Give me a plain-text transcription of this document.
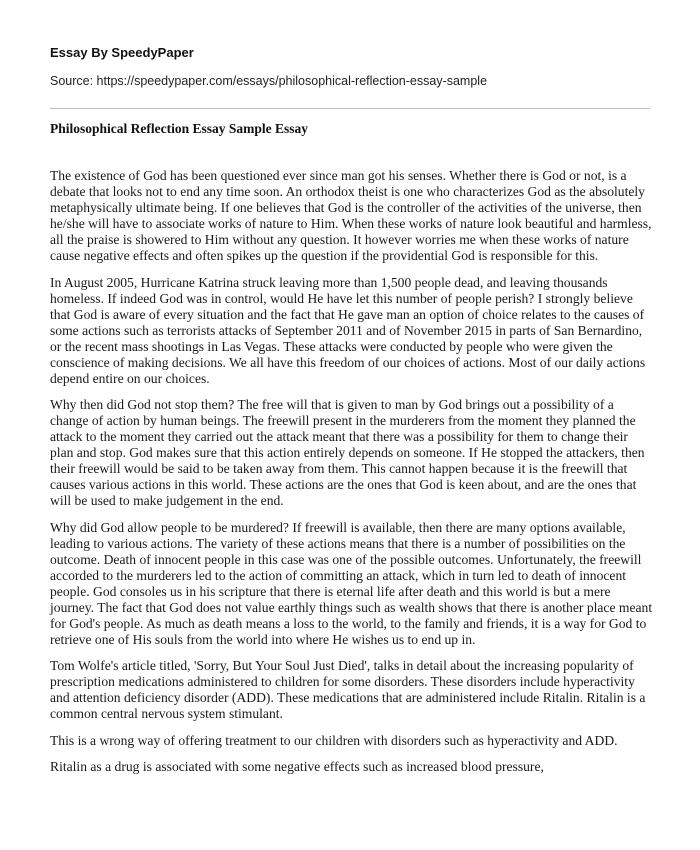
Essay By SpeedyPaper
Source: https://speedypaper.com/essays/philosophical-reflection-essay-sample
Philosophical Reflection Essay Sample Essay

The existence of God has been questioned ever since man got his senses. Whether there is God or not, is a debate that looks not to end any time soon. An orthodox theist is one who characterizes God as the absolutely metaphysically ultimate being. If one believes that God is the controller of the activities of the universe, then he/she will have to associate works of nature to Him. When these works of nature look beautiful and harmless, all the praise is showered to Him without any question. It however worries me when these works of nature cause negative effects and often spikes up the question if the providential God is responsible for this.

In August 2005, Hurricane Katrina struck leaving more than 1,500 people dead, and leaving thousands homeless. If indeed God was in control, would He have let this number of people perish? I strongly believe that God is aware of every situation and the fact that He gave man an option of choice relates to the causes of some actions such as terrorists attacks of September 2011 and of November 2015 in parts of San Bernardino, or the recent mass shootings in Las Vegas. These attacks were conducted by people who were given the conscience of making decisions. We all have this freedom of our choices of actions. Most of our daily actions depend entire on our choices.

Why then did God not stop them? The free will that is given to man by God brings out a possibility of a change of action by human beings. The freewill present in the murderers from the moment they planned the attack to the moment they carried out the attack meant that there was a possibility for them to change their plan and stop. God makes sure that this action entirely depends on someone. If He stopped the attackers, then their freewill would be said to be taken away from them. This cannot happen because it is the freewill that causes various actions in this world. These actions are the ones that God is keen about, and are the ones that will be used to make judgement in the end.

Why did God allow people to be murdered? If freewill is available, then there are many options available, leading to various actions. The variety of these actions means that there is a number of possibilities on the outcome. Death of innocent people in this case was one of the possible outcomes. Unfortunately, the freewill accorded to the murderers led to the action of committing an attack, which in turn led to death of innocent people. God consoles us in his scripture that there is eternal life after death and this world is but a mere journey. The fact that God does not value earthly things such as wealth shows that there is another place meant for God's people. As much as death means a loss to the world, to the family and friends, it is a way for God to retrieve one of His souls from the world into where He wishes us to end up in.

Tom Wolfe's article titled, 'Sorry, But Your Soul Just Died', talks in detail about the increasing popularity of prescription medications administered to children for some disorders. These disorders include hyperactivity and attention deficiency disorder (ADD). These medications that are administered include Ritalin. Ritalin is a common central nervous system stimulant.

This is a wrong way of offering treatment to our children with disorders such as hyperactivity and ADD.

Ritalin as a drug is associated with some negative effects such as increased blood pressure,
